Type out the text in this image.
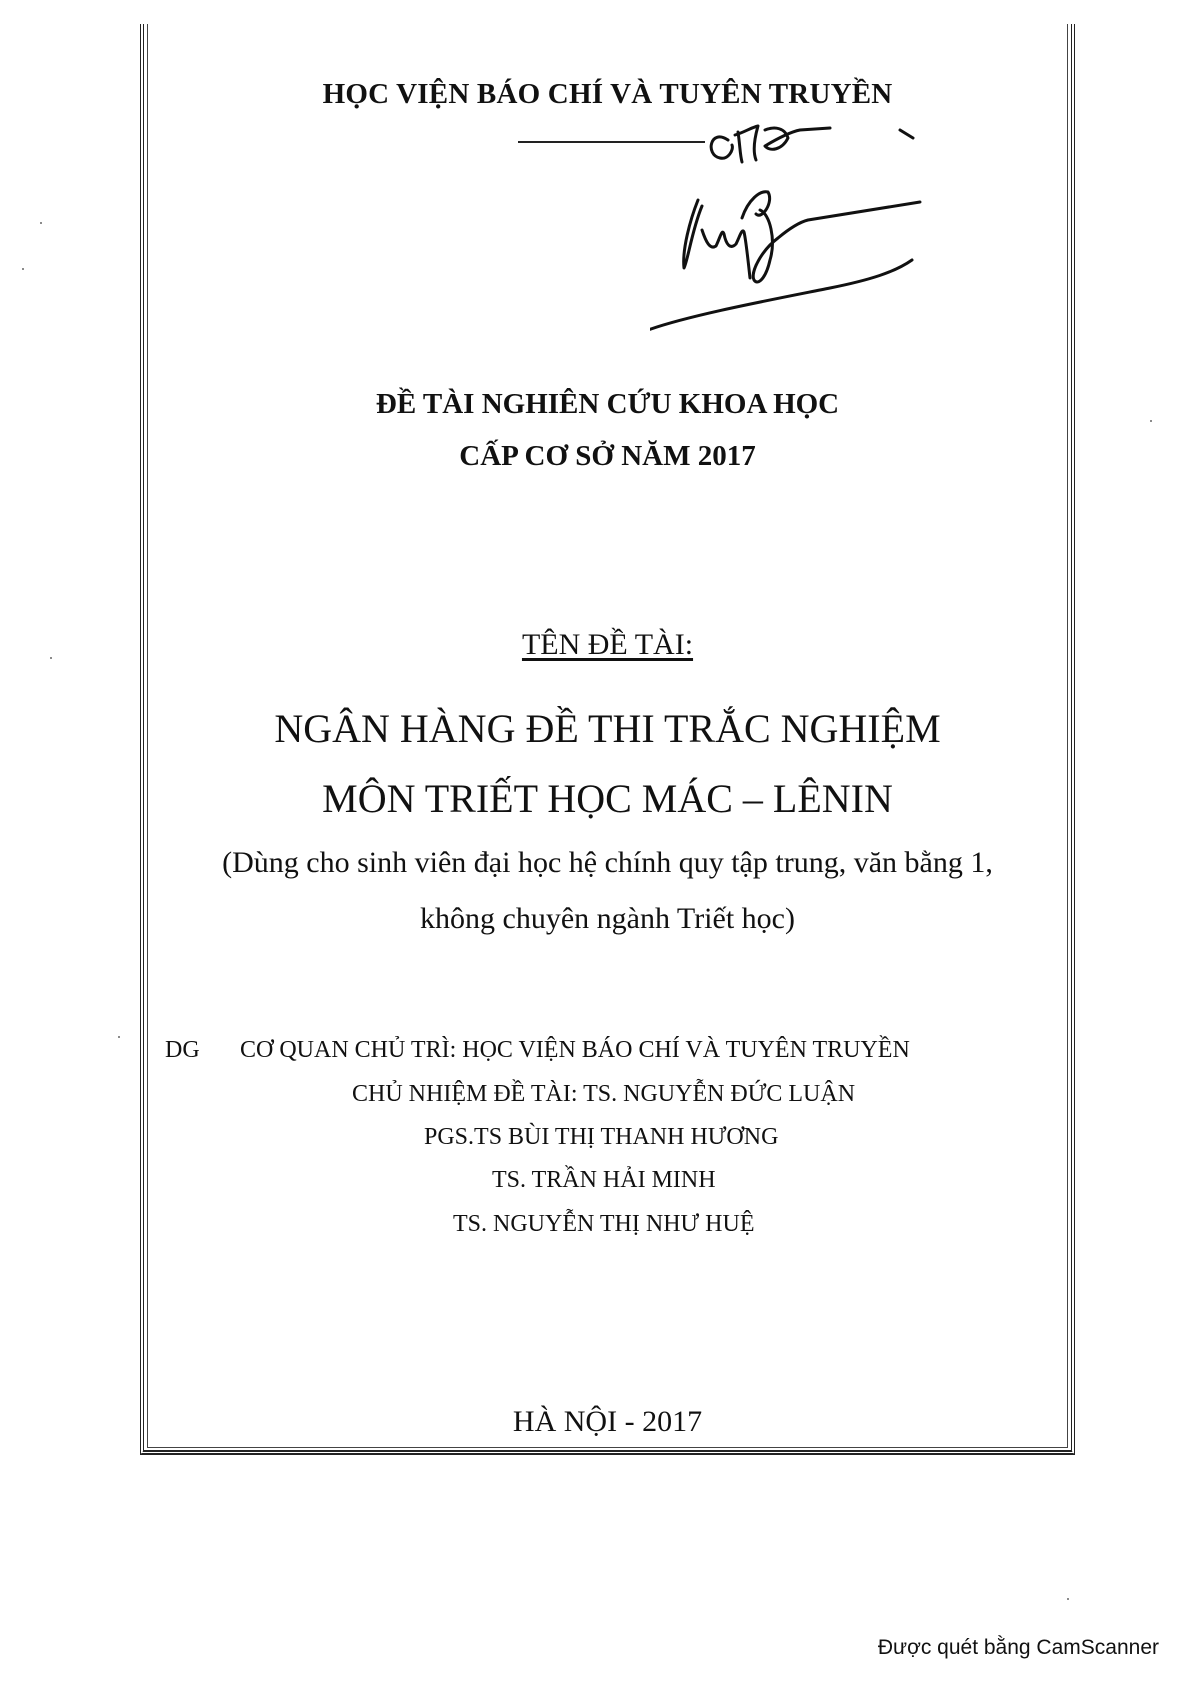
HỌC VIỆN BÁO CHÍ VÀ TUYÊN TRUYỀN
ĐỀ TÀI NGHIÊN CỨU KHOA HỌC
CẤP CƠ SỞ NĂM 2017
TÊN ĐỀ TÀI:
NGÂN HÀNG ĐỀ THI TRẮC NGHIỆM
MÔN TRIẾT HỌC MÁC – LÊNIN
(Dùng cho sinh viên đại học hệ chính quy tập trung, văn bằng 1,
không chuyên ngành Triết học)
DG CƠ QUAN CHỦ TRÌ: HỌC VIỆN BÁO CHÍ VÀ TUYÊN TRUYỀN
CHỦ NHIỆM ĐỀ TÀI: TS. NGUYỄN ĐỨC LUẬN
PGS.TS BÙI THỊ THANH HƯƠNG
TS. TRẦN HẢI MINH
TS. NGUYỄN THỊ NHƯ HUỆ
HÀ NỘI - 2017
Được quét bằng CamScanner
